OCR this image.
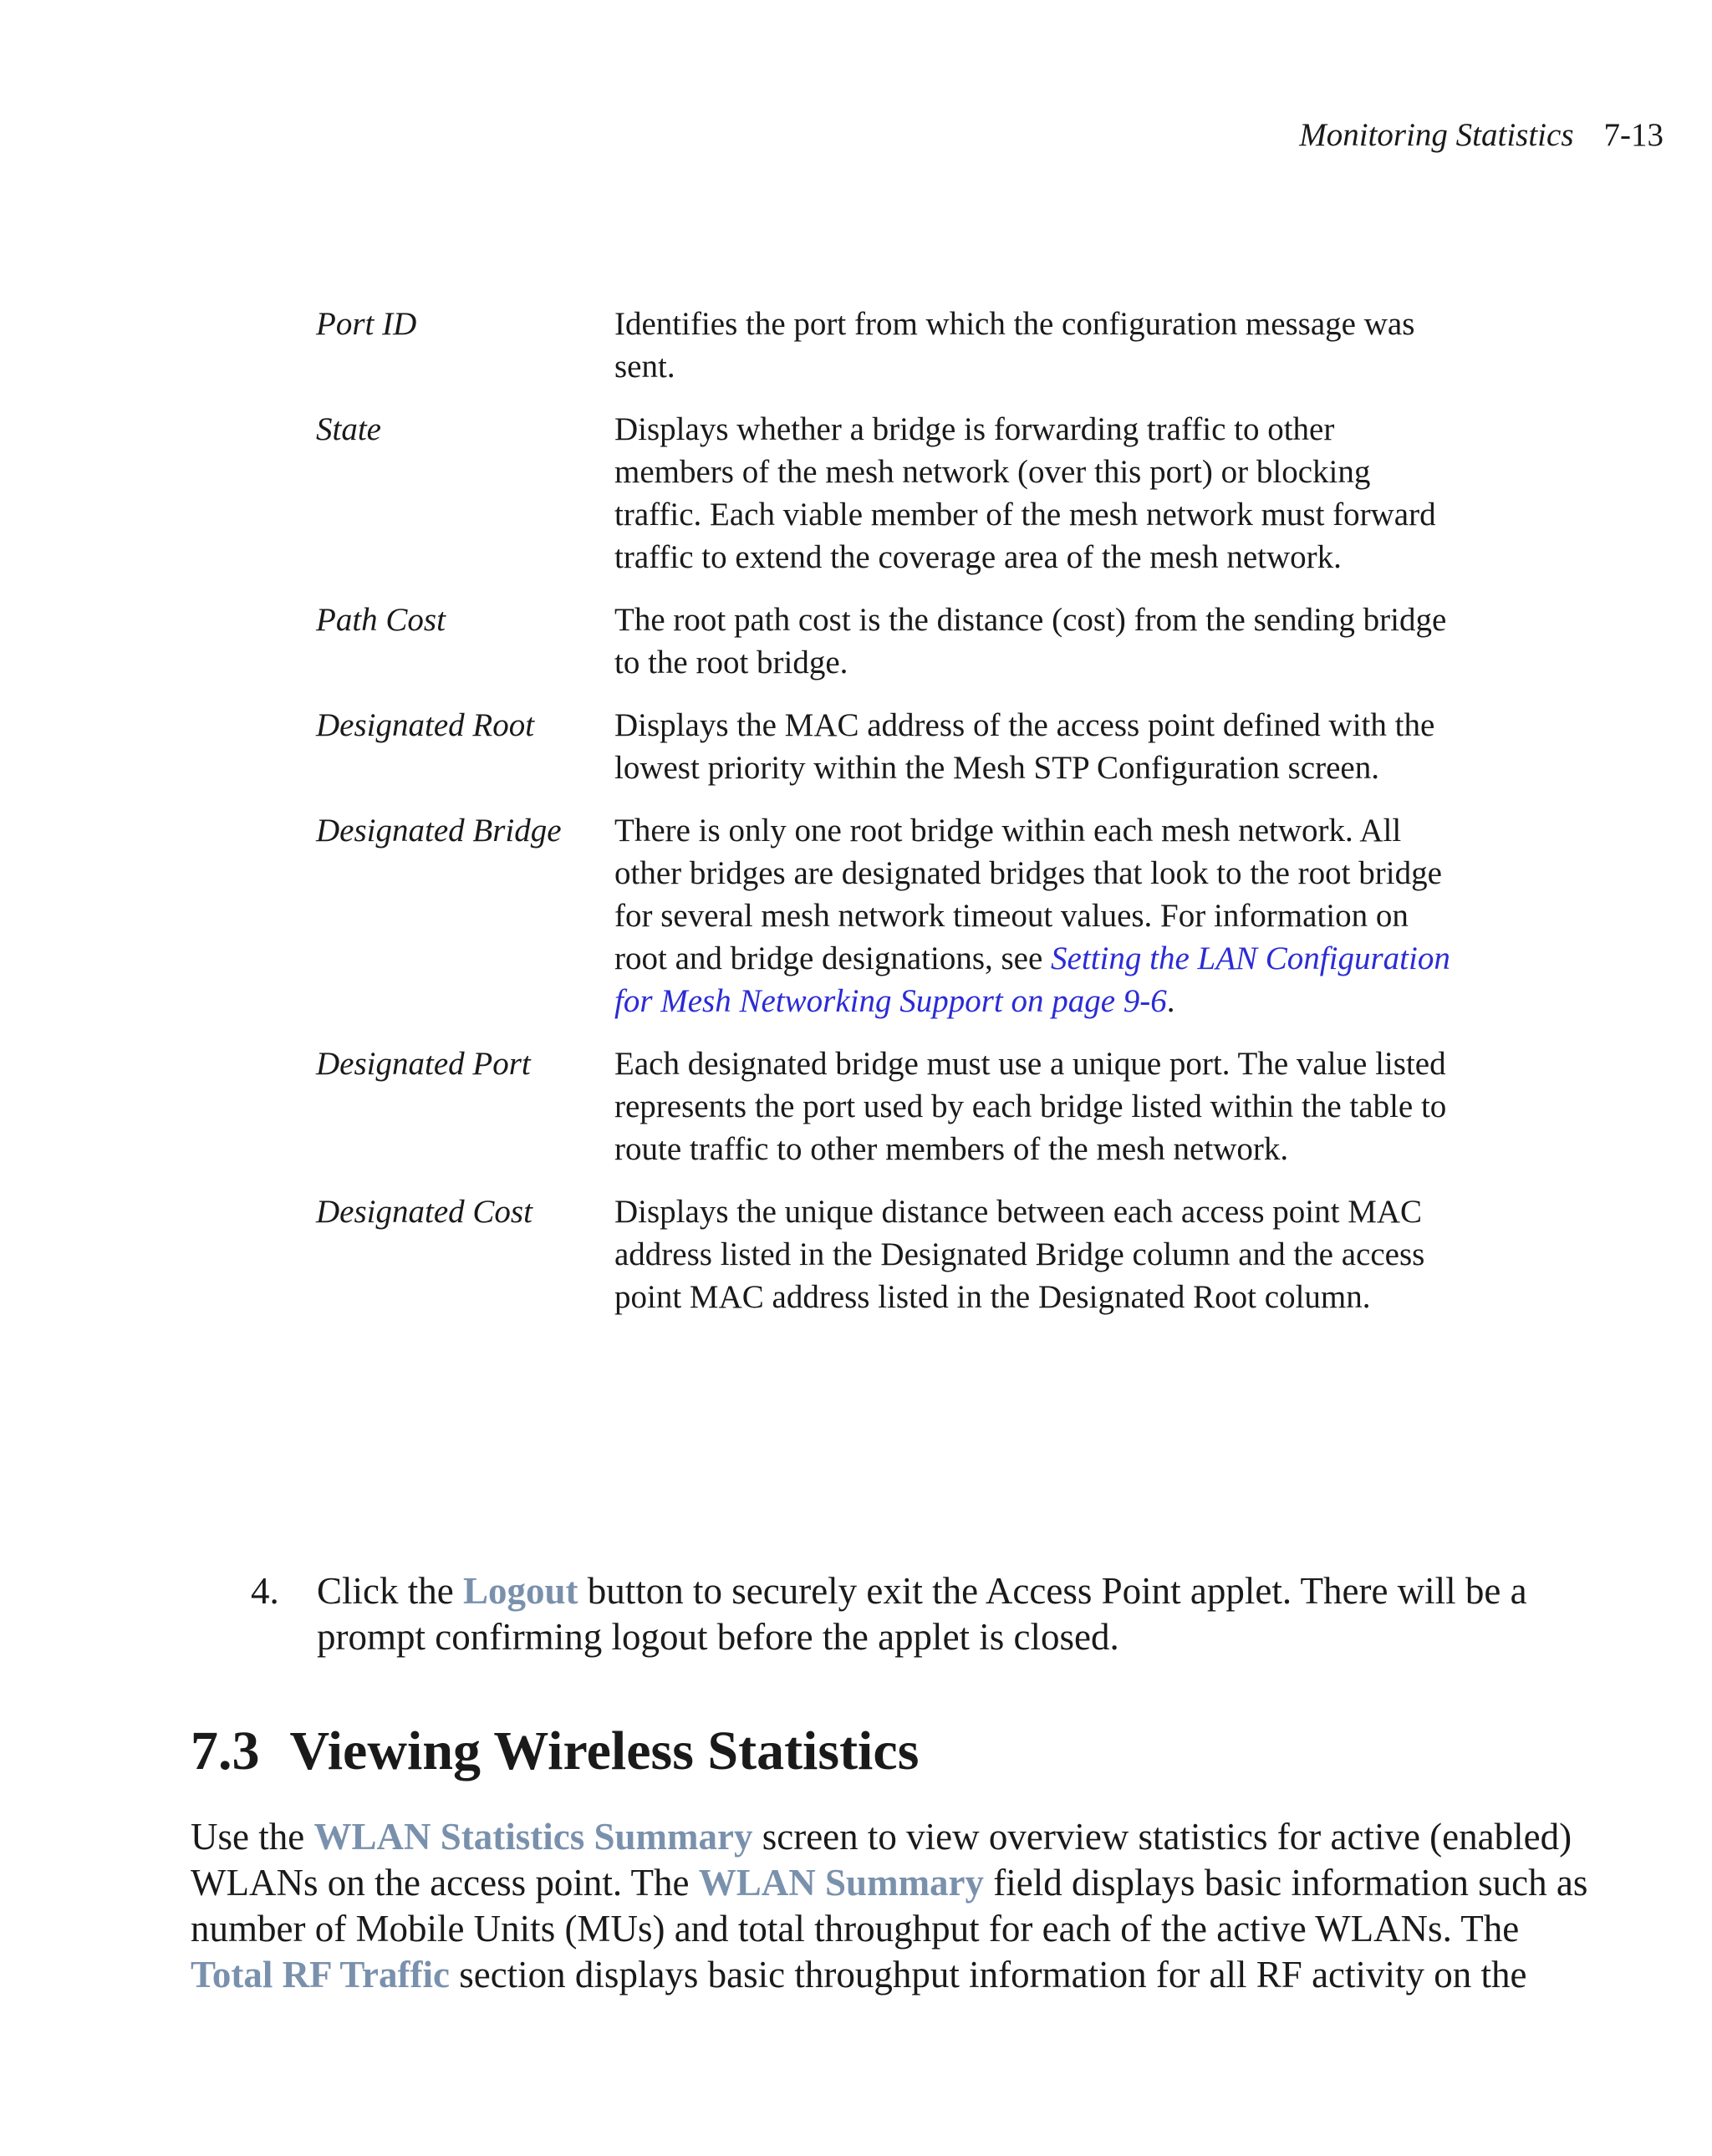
Monitoring Statistics 7-13
Port ID	Identifies the port from which the configuration message was sent.
State	Displays whether a bridge is forwarding traffic to other members of the mesh network (over this port) or blocking traffic. Each viable member of the mesh network must forward traffic to extend the coverage area of the mesh network.
Path Cost	The root path cost is the distance (cost) from the sending bridge to the root bridge.
Designated Root	Displays the MAC address of the access point defined with the lowest priority within the Mesh STP Configuration screen.
Designated Bridge	There is only one root bridge within each mesh network. All other bridges are designated bridges that look to the root bridge for several mesh network timeout values. For information on root and bridge designations, see Setting the LAN Configuration for Mesh Networking Support on page 9-6.
Designated Port	Each designated bridge must use a unique port. The value listed represents the port used by each bridge listed within the table to route traffic to other members of the mesh network.
Designated Cost	Displays the unique distance between each access point MAC address listed in the Designated Bridge column and the access point MAC address listed in the Designated Root column.
4.	Click the Logout button to securely exit the Access Point applet. There will be a prompt confirming logout before the applet is closed.
7.3 Viewing Wireless Statistics

Use the WLAN Statistics Summary screen to view overview statistics for active (enabled) WLANs on the access point. The WLAN Summary field displays basic information such as number of Mobile Units (MUs) and total throughput for each of the active WLANs. The Total RF Traffic section displays basic throughput information for all RF activity on the
